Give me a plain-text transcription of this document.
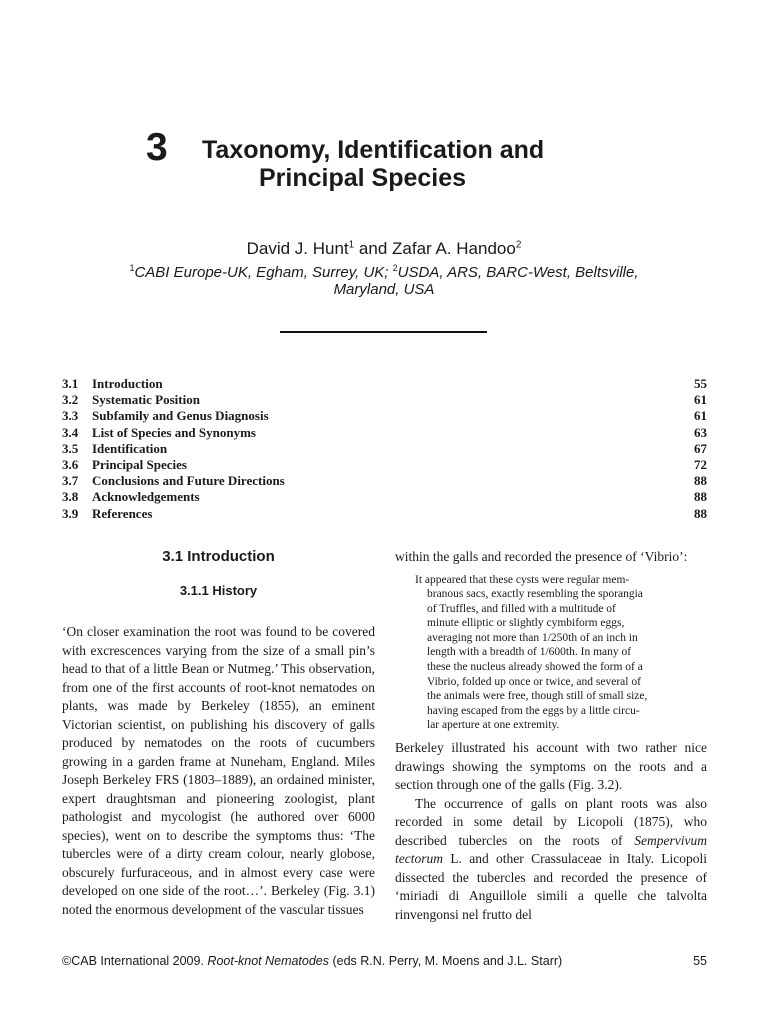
3 Taxonomy, Identification and
Principal Species
David J. Hunt$^1$ and Zafar A. Handoo$^2$
$^1$CABI Europe-UK, Egham, Surrey, UK; $^2$USDA, ARS, BARC-West, Beltsville,
Maryland, USA
3.1 Introduction	55
3.2 Systematic Position	61
3.3 Subfamily and Genus Diagnosis	61
3.4 List of Species and Synonyms	63
3.5 Identification	67
3.6 Principal Species	72
3.7 Conclusions and Future Directions	88
3.8 Acknowledgements	88
3.9 References	88
3.1 Introduction
3.1.1 History

‘On closer examination the root was found to be covered with excrescences varying from the size of a small pin’s head to that of a little Bean or Nutmeg.’ This observation, from one of the first accounts of root-knot nematodes on plants, was made by Berkeley (1855), an eminent Victorian scientist, on publishing his discovery of galls produced by nematodes on the roots of cucumbers growing in a garden frame at Nuneham, England. Miles Joseph Berkeley FRS (1803–1889), an ordained minister, expert draughtsman and pioneering zoologist, plant pathologist and mycologist (he authored over 6000 species), went on to describe the symptoms thus: ‘The tubercles were of a dirty cream colour, nearly globose, obscurely furfuraceous, and in almost every case were developed on one side of the root…’. Berkeley (Fig. 3.1) noted the enormous development of the vascular tissues

within the galls and recorded the presence of ‘Vibrio’:

It appeared that these cysts were regular mem-
branous sacs, exactly resembling the sporangia
of Truffles, and filled with a multitude of
minute elliptic or slightly cymbiform eggs,
averaging not more than 1/250th of an inch in
length with a breadth of 1/600th. In many of
these the nucleus already showed the form of a
Vibrio, folded up once or twice, and several of
the animals were free, though still of small size,
having escaped from the eggs by a little circu-
lar aperture at one extremity.

Berkeley illustrated his account with two rather nice drawings showing the symptoms on the roots and a section through one of the galls (Fig. 3.2).

The occurrence of galls on plant roots was also recorded in some detail by Licopoli (1875), who described tubercles on the roots of Sempervivum tectorum L. and other Crassulaceae in Italy. Licopoli dissected the tubercles and recorded the presence of ‘miriadi di Anguillole simili a quelle che talvolta rinvengonsi nel frutto del

©CAB International 2009. Root-knot Nematodes (eds R.N. Perry, M. Moens and J.L. Starr)	55
